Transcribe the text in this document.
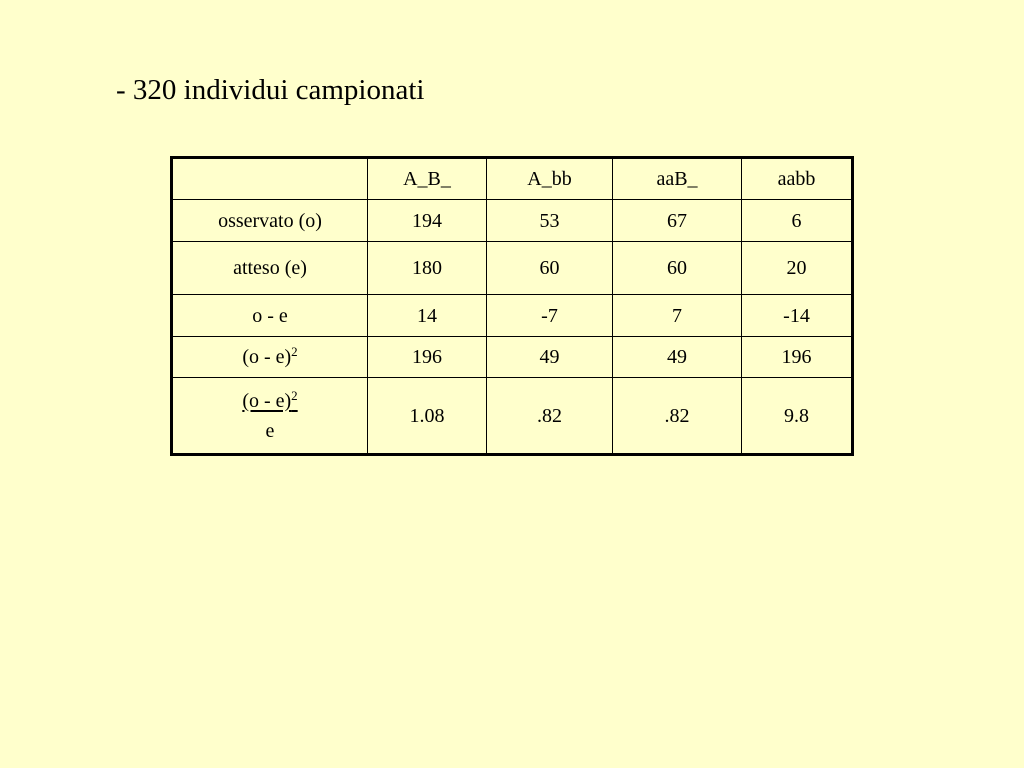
- 320 individui campionati
	A_B_	A_bb	aaB_	aabb
osservato (o)	194	53	67	6
atteso (e)	180	60	60	20
o - e	14	-7	7	-14
(o - e)$^2$	196	49	49	196

(o - e)$^2$
e	1.08	.82	.82	9.8
